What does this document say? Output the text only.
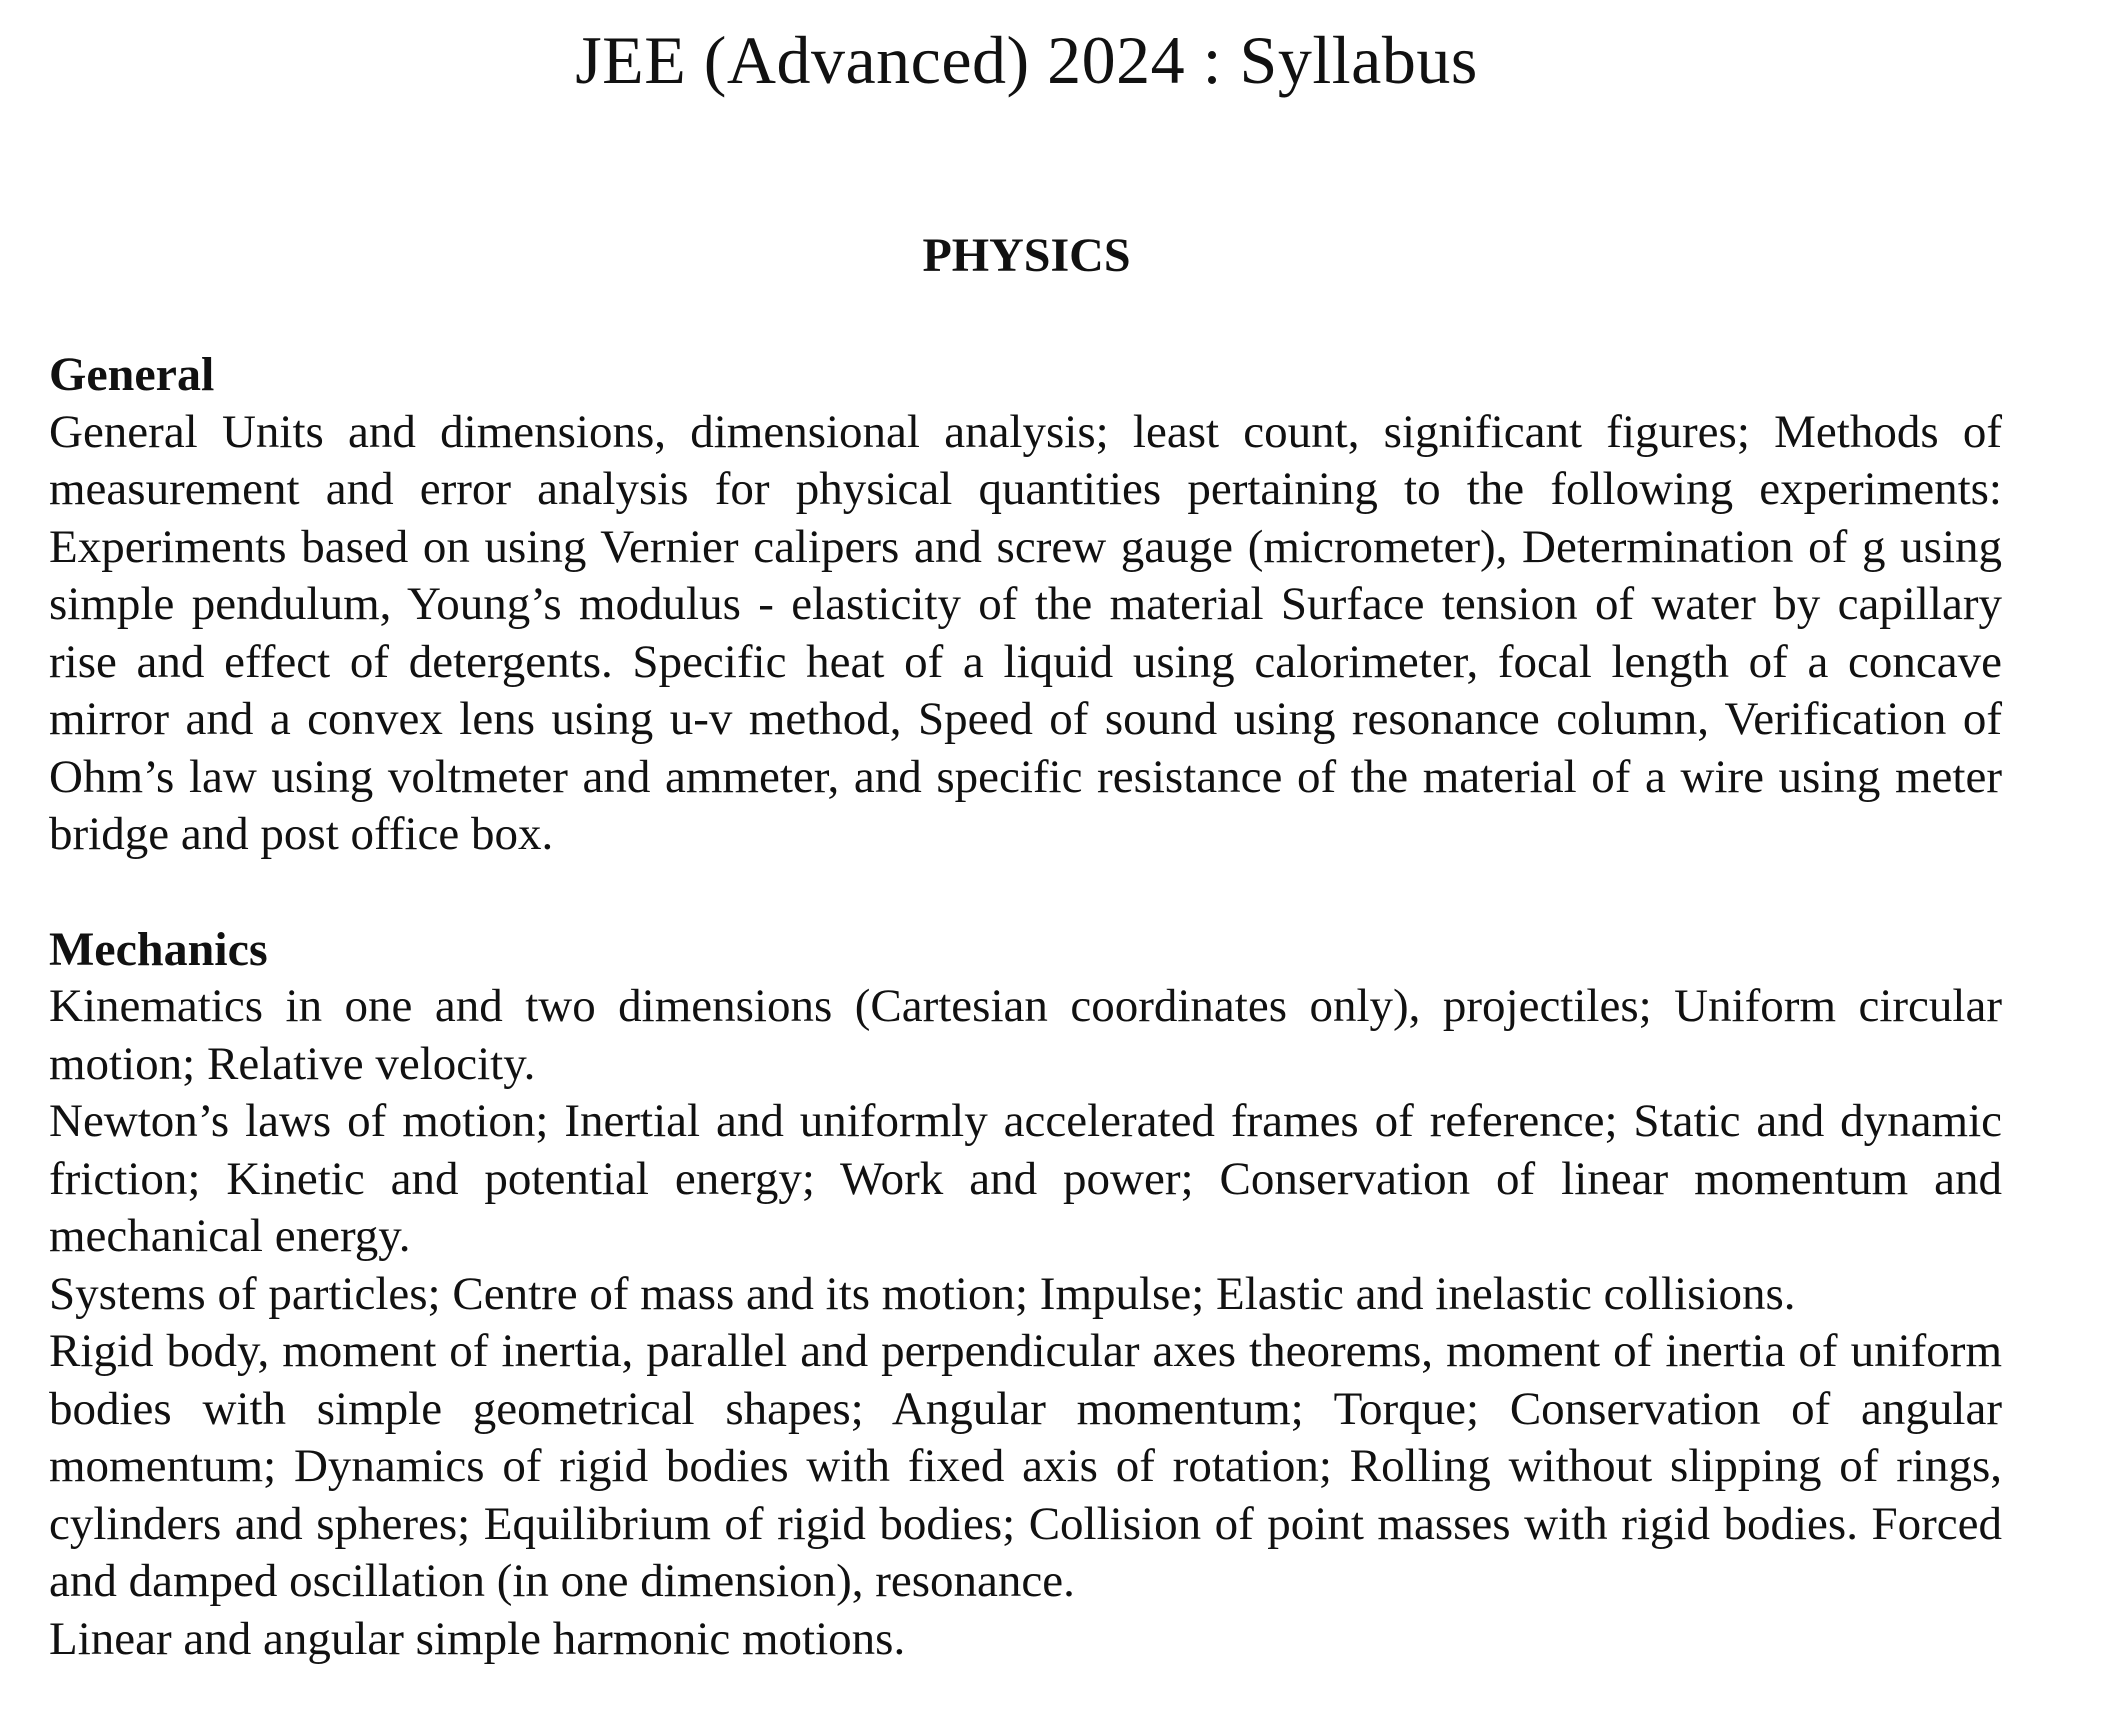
JEE (Advanced) 2024 : Syllabus
PHYSICS
General

General Units and dimensions, dimensional analysis; least count, significant figures; Methods of measurement and error analysis for physical quantities pertaining to the following experiments: Experiments based on using Vernier calipers and screw gauge (micrometer), Determination of g using simple pendulum, Young’s modulus - elasticity of the material Surface tension of water by capillary rise and effect of detergents. Specific heat of a liquid using calorimeter, focal length of a concave mirror and a convex lens using u-v method, Speed of sound using resonance column, Verification of Ohm’s law using voltmeter and ammeter, and specific resistance of the material of a wire using meter bridge and post office box.

Mechanics

Kinematics in one and two dimensions (Cartesian coordinates only), projectiles; Uniform circular motion; Relative velocity.

Newton’s laws of motion; Inertial and uniformly accelerated frames of reference; Static and dynamic friction; Kinetic and potential energy; Work and power; Conservation of linear momentum and mechanical energy.

Systems of particles; Centre of mass and its motion; Impulse; Elastic and inelastic collisions.

Rigid body, moment of inertia, parallel and perpendicular axes theorems, moment of inertia of uniform bodies with simple geometrical shapes; Angular momentum; Torque; Conservation of angular momentum; Dynamics of rigid bodies with fixed axis of rotation; Rolling without slipping of rings, cylinders and spheres; Equilibrium of rigid bodies; Collision of point masses with rigid bodies. Forced and damped oscillation (in one dimension), resonance.

Linear and angular simple harmonic motions.
